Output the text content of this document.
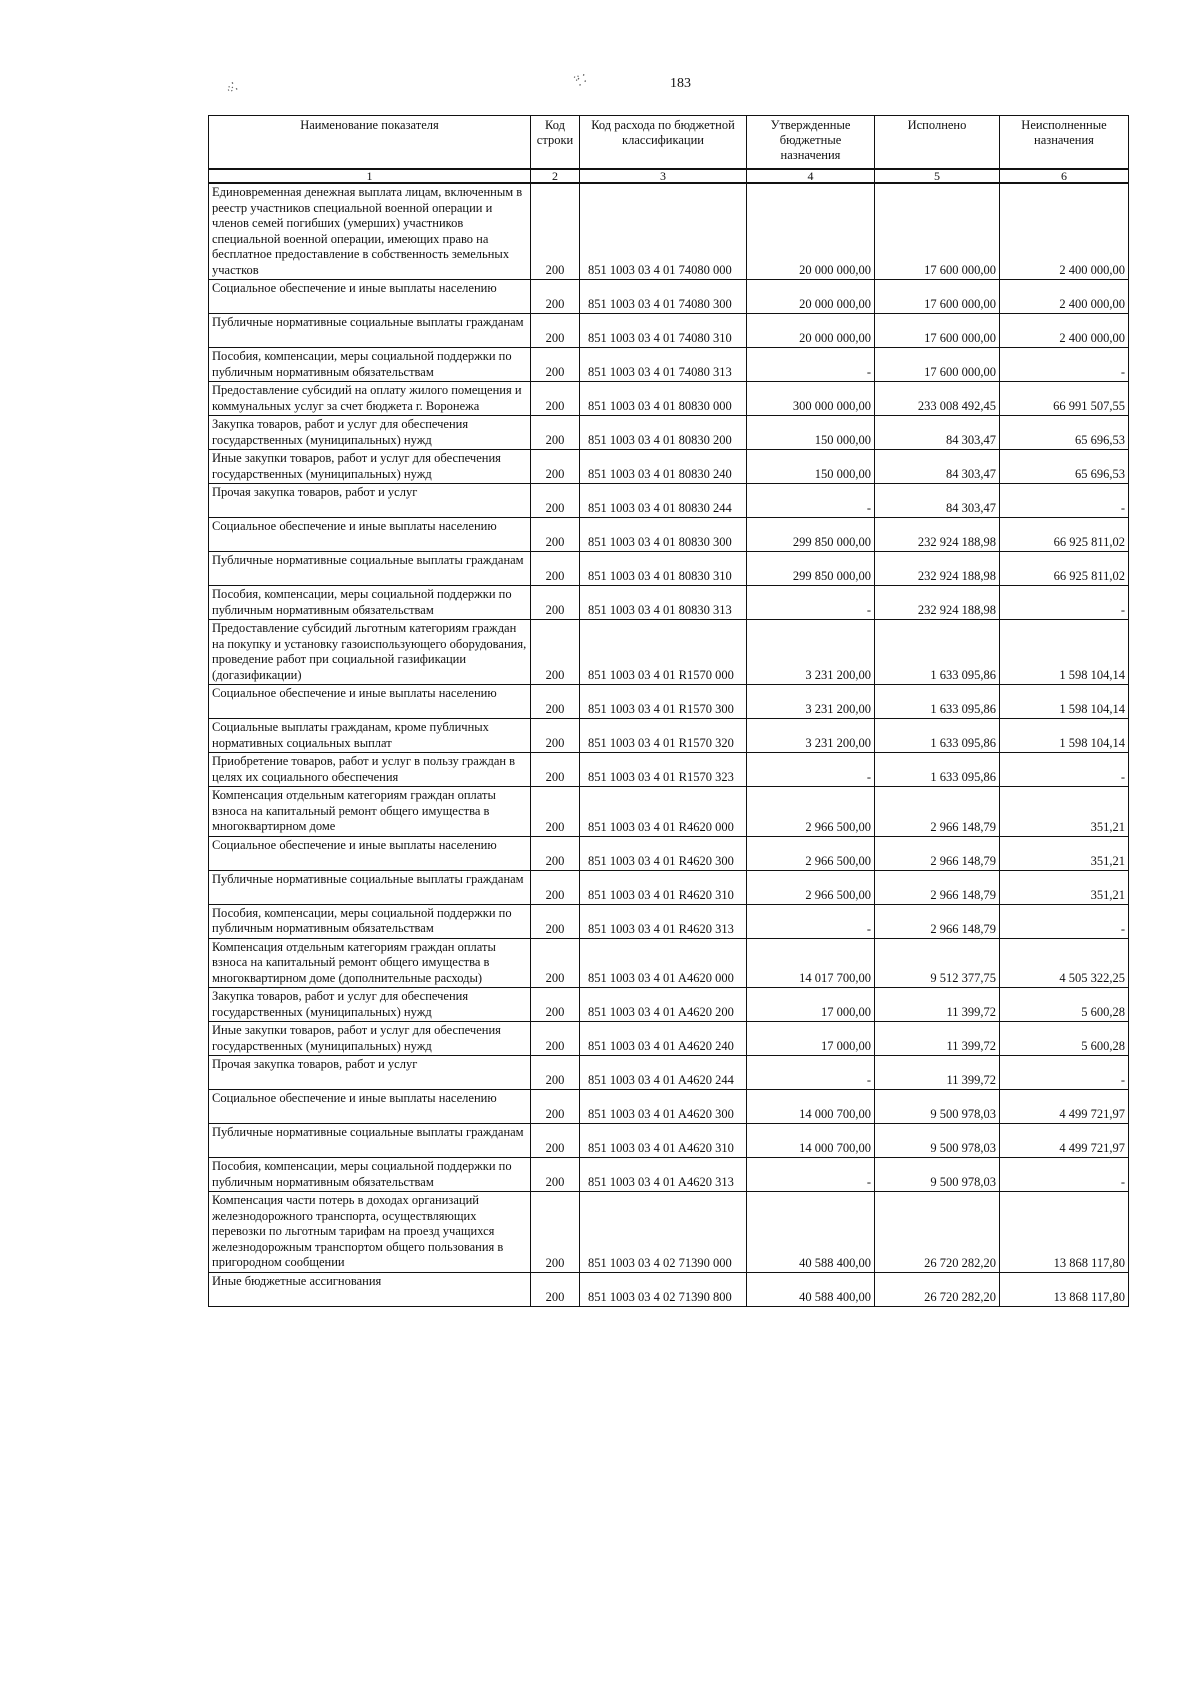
⁘⁚
⁖⁛	183
Наименование показателя	Код строки	Код расхода по бюджетной классификации	Утвержденные бюджетные назначения	Исполнено	Неисполненные назначения
1	2	3	4	5	6
Единовременная денежная выплата лицам, включенным в реестр участников специальной военной операции и членов семей погибших (умерших) участников специальной военной операции, имеющих право на бесплатное предоставление в собственность земельных участков	200	851 1003 03 4 01 74080 000	20 000 000,00	17 600 000,00	2 400 000,00
Социальное обеспечение и иные выплаты населению	200	851 1003 03 4 01 74080 300	20 000 000,00	17 600 000,00	2 400 000,00
Публичные нормативные социальные выплаты гражданам	200	851 1003 03 4 01 74080 310	20 000 000,00	17 600 000,00	2 400 000,00
Пособия, компенсации, меры социальной поддержки по публичным нормативным обязательствам	200	851 1003 03 4 01 74080 313	-	17 600 000,00	-
Предоставление субсидий на оплату жилого помещения и коммунальных услуг за счет бюджета г. Воронежа	200	851 1003 03 4 01 80830 000	300 000 000,00	233 008 492,45	66 991 507,55
Закупка товаров, работ и услуг для обеспечения государственных (муниципальных) нужд	200	851 1003 03 4 01 80830 200	150 000,00	84 303,47	65 696,53
Иные закупки товаров, работ и услуг для обеспечения государственных (муниципальных) нужд	200	851 1003 03 4 01 80830 240	150 000,00	84 303,47	65 696,53
Прочая закупка товаров, работ и услуг	200	851 1003 03 4 01 80830 244	-	84 303,47	-
Социальное обеспечение и иные выплаты населению	200	851 1003 03 4 01 80830 300	299 850 000,00	232 924 188,98	66 925 811,02
Публичные нормативные социальные выплаты гражданам	200	851 1003 03 4 01 80830 310	299 850 000,00	232 924 188,98	66 925 811,02
Пособия, компенсации, меры социальной поддержки по публичным нормативным обязательствам	200	851 1003 03 4 01 80830 313	-	232 924 188,98	-
Предоставление субсидий льготным категориям граждан на покупку и установку газоиспользующего оборудования, проведение работ при социальной газификации (догазификации)	200	851 1003 03 4 01 R1570 000	3 231 200,00	1 633 095,86	1 598 104,14
Социальное обеспечение и иные выплаты населению	200	851 1003 03 4 01 R1570 300	3 231 200,00	1 633 095,86	1 598 104,14
Социальные выплаты гражданам, кроме публичных нормативных социальных выплат	200	851 1003 03 4 01 R1570 320	3 231 200,00	1 633 095,86	1 598 104,14
Приобретение товаров, работ и услуг в пользу граждан в целях их социального обеспечения	200	851 1003 03 4 01 R1570 323	-	1 633 095,86	-
Компенсация отдельным категориям граждан оплаты взноса на капитальный ремонт общего имущества в многоквартирном доме	200	851 1003 03 4 01 R4620 000	2 966 500,00	2 966 148,79	351,21
Социальное обеспечение и иные выплаты населению	200	851 1003 03 4 01 R4620 300	2 966 500,00	2 966 148,79	351,21
Публичные нормативные социальные выплаты гражданам	200	851 1003 03 4 01 R4620 310	2 966 500,00	2 966 148,79	351,21
Пособия, компенсации, меры социальной поддержки по публичным нормативным обязательствам	200	851 1003 03 4 01 R4620 313	-	2 966 148,79	-
Компенсация отдельным категориям граждан оплаты взноса на капитальный ремонт общего имущества в многоквартирном доме (дополнительные расходы)	200	851 1003 03 4 01 A4620 000	14 017 700,00	9 512 377,75	4 505 322,25
Закупка товаров, работ и услуг для обеспечения государственных (муниципальных) нужд	200	851 1003 03 4 01 A4620 200	17 000,00	11 399,72	5 600,28
Иные закупки товаров, работ и услуг для обеспечения государственных (муниципальных) нужд	200	851 1003 03 4 01 A4620 240	17 000,00	11 399,72	5 600,28
Прочая закупка товаров, работ и услуг	200	851 1003 03 4 01 A4620 244	-	11 399,72	-
Социальное обеспечение и иные выплаты населению	200	851 1003 03 4 01 A4620 300	14 000 700,00	9 500 978,03	4 499 721,97
Публичные нормативные социальные выплаты гражданам	200	851 1003 03 4 01 A4620 310	14 000 700,00	9 500 978,03	4 499 721,97
Пособия, компенсации, меры социальной поддержки по публичным нормативным обязательствам	200	851 1003 03 4 01 A4620 313	-	9 500 978,03	-
Компенсация части потерь в доходах организаций железнодорожного транспорта, осуществляющих перевозки по льготным тарифам на проезд учащихся железнодорожным транспортом общего пользования в пригородном сообщении	200	851 1003 03 4 02 71390 000	40 588 400,00	26 720 282,20	13 868 117,80
Иные бюджетные ассигнования	200	851 1003 03 4 02 71390 800	40 588 400,00	26 720 282,20	13 868 117,80
